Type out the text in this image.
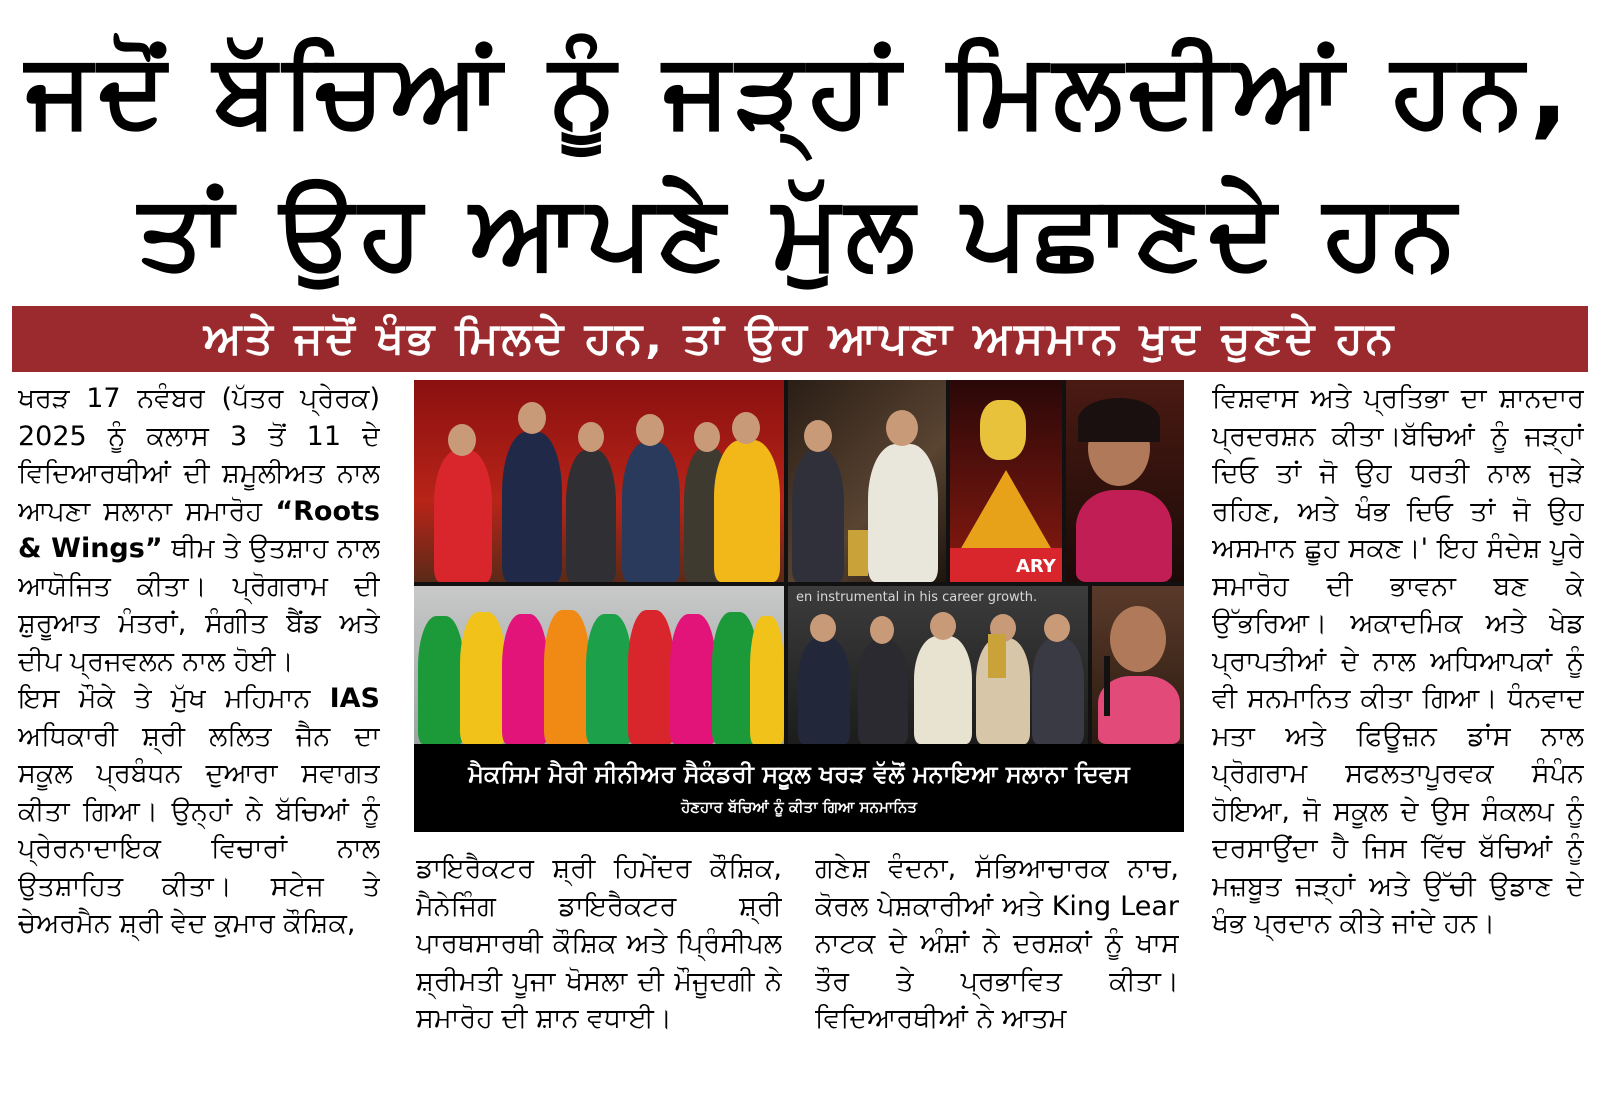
ਜਦੋਂ ਬੱਚਿਆਂ ਨੂੰ ਜੜ੍ਹਾਂ ਮਿਲਦੀਆਂ ਹਨ,
ਤਾਂ ਉਹ ਆਪਣੇ ਮੁੱਲ ਪਛਾਣਦੇ ਹਨ
ਅਤੇ ਜਦੋਂ ਖੰਭ ਮਿਲਦੇ ਹਨ, ਤਾਂ ਉਹ ਆਪਣਾ ਅਸਮਾਨ ਖੁਦ ਚੁਣਦੇ ਹਨ

ਖਰੜ 17 ਨਵੰਬਰ (ਪੱਤਰ ਪ੍ਰੇਰਕ) 2025 ਨੂੰ ਕਲਾਸ 3 ਤੋਂ 11 ਦੇ ਵਿਦਿਆਰਥੀਆਂ ਦੀ ਸ਼ਮੂਲੀਅਤ ਨਾਲ ਆਪਣਾ ਸਲਾਨਾ ਸਮਾਰੋਹ “Roots & Wings” ਥੀਮ ਤੇ ਉਤਸ਼ਾਹ ਨਾਲ ਆਯੋਜਿਤ ਕੀਤਾ। ਪ੍ਰੋਗਰਾਮ ਦੀ ਸ਼ੁਰੂਆਤ ਮੰਤਰਾਂ, ਸੰਗੀਤ ਬੈਂਡ ਅਤੇ ਦੀਪ ਪ੍ਰਜਵਲਨ ਨਾਲ ਹੋਈ।

ਇਸ ਮੌਕੇ ਤੇ ਮੁੱਖ ਮਹਿਮਾਨ IAS ਅਧਿਕਾਰੀ ਸ਼੍ਰੀ ਲਲਿਤ ਜੈਨ ਦਾ ਸਕੂਲ ਪ੍ਰਬੰਧਨ ਦੁਆਰਾ ਸਵਾਗਤ ਕੀਤਾ ਗਿਆ। ਉਨ੍ਹਾਂ ਨੇ ਬੱਚਿਆਂ ਨੂੰ ਪ੍ਰੇਰਨਾਦਾਇਕ ਵਿਚਾਰਾਂ ਨਾਲ ਉਤਸ਼ਾਹਿਤ ਕੀਤਾ। ਸਟੇਜ ਤੇ ਚੇਅਰਮੈਨ ਸ਼੍ਰੀ ਵੇਦ ਕੁਮਾਰ ਕੌਸ਼ਿਕ,

ARY
en instrumental in his career growth.
ਮੈਕਸਿਮ ਮੈਰੀ ਸੀਨੀਅਰ ਸੈਕੰਡਰੀ ਸਕੂਲ ਖਰੜ ਵੱਲੋਂ ਮਨਾਇਆ ਸਲਾਨਾ ਦਿਵਸ
ਹੋਣਹਾਰ ਬੱਚਿਆਂ ਨੂੰ ਕੀਤਾ ਗਿਆ ਸਨਮਾਨਿਤ

ਡਾਇਰੈਕਟਰ ਸ਼੍ਰੀ ਹਿਮੇਂਦਰ ਕੌਸ਼ਿਕ, ਮੈਨੇਜਿੰਗ ਡਾਇਰੈਕਟਰ ਸ਼੍ਰੀ ਪਾਰਥਸਾਰਥੀ ਕੌਸ਼ਿਕ ਅਤੇ ਪ੍ਰਿੰਸੀਪਲ ਸ਼੍ਰੀਮਤੀ ਪੂਜਾ ਖੋਸਲਾ ਦੀ ਮੌਜੂਦਗੀ ਨੇ ਸਮਾਰੋਹ ਦੀ ਸ਼ਾਨ ਵਧਾਈ।

ਗਣੇਸ਼ ਵੰਦਨਾ, ਸੱਭਿਆਚਾਰਕ ਨਾਚ, ਕੋਰਲ ਪੇਸ਼ਕਾਰੀਆਂ ਅਤੇ King Lear ਨਾਟਕ ਦੇ ਅੰਸ਼ਾਂ ਨੇ ਦਰਸ਼ਕਾਂ ਨੂੰ ਖਾਸ ਤੌਰ ਤੇ ਪ੍ਰਭਾਵਿਤ ਕੀਤਾ। ਵਿਦਿਆਰਥੀਆਂ ਨੇ ਆਤਮ

ਵਿਸ਼ਵਾਸ ਅਤੇ ਪ੍ਰਤਿਭਾ ਦਾ ਸ਼ਾਨਦਾਰ ਪ੍ਰਦਰਸ਼ਨ ਕੀਤਾ।ਬੱਚਿਆਂ ਨੂੰ ਜੜ੍ਹਾਂ ਦਿਓ ਤਾਂ ਜੋ ਉਹ ਧਰਤੀ ਨਾਲ ਜੁੜੇ ਰਹਿਣ, ਅਤੇ ਖੰਭ ਦਿਓ ਤਾਂ ਜੋ ਉਹ ਅਸਮਾਨ ਛੂਹ ਸਕਣ।' ਇਹ ਸੰਦੇਸ਼ ਪੂਰੇ ਸਮਾਰੋਹ ਦੀ ਭਾਵਨਾ ਬਣ ਕੇ ਉੱਭਰਿਆ। ਅਕਾਦਮਿਕ ਅਤੇ ਖੇਡ ਪ੍ਰਾਪਤੀਆਂ ਦੇ ਨਾਲ ਅਧਿਆਪਕਾਂ ਨੂੰ ਵੀ ਸਨਮਾਨਿਤ ਕੀਤਾ ਗਿਆ। ਧੰਨਵਾਦ ਮਤਾ ਅਤੇ ਫਿਊਜ਼ਨ ਡਾਂਸ ਨਾਲ ਪ੍ਰੋਗਰਾਮ ਸਫਲਤਾਪੂਰਵਕ ਸੰਪੰਨ ਹੋਇਆ, ਜੋ ਸਕੂਲ ਦੇ ਉਸ ਸੰਕਲਪ ਨੂੰ ਦਰਸਾਉਂਦਾ ਹੈ ਜਿਸ ਵਿੱਚ ਬੱਚਿਆਂ ਨੂੰ ਮਜ਼ਬੂਤ ਜੜ੍ਹਾਂ ਅਤੇ ਉੱਚੀ ਉਡਾਣ ਦੇ ਖੰਭ ਪ੍ਰਦਾਨ ਕੀਤੇ ਜਾਂਦੇ ਹਨ।
